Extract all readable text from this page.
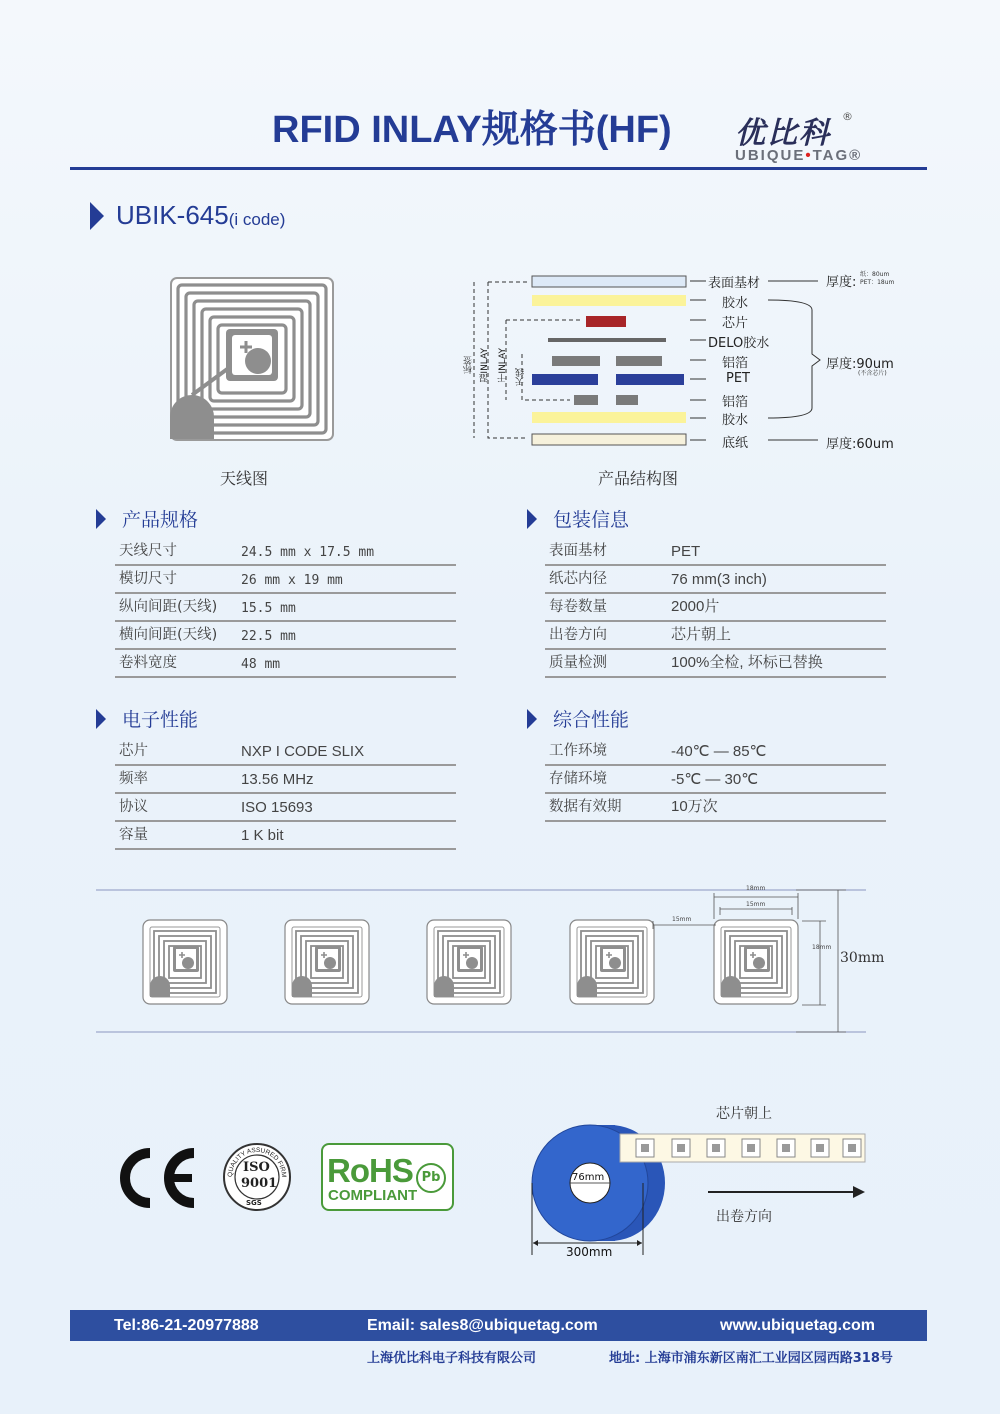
RFID INLAY规格书(HF) 优比科 ®
UBIQUE•TAG®
UBIK-645 (i code)
天线图
表面基材
胶水
芯片
DELO胶水
铝箔
PET
铝箔
胶水
底纸
厚度:
纸：80um
PET：18um
厚度:90um
(不含芯片)
厚度:60um
标签 湿INLAY 干INLAY 天线
产品结构图
产品规格
天线尺寸	24.5 mm x 17.5 mm
模切尺寸	26 mm x 19 mm
纵向间距(天线)	15.5 mm
横向间距(天线)	22.5 mm
卷料宽度	48 mm
包装信息
表面基材	PET
纸芯内径	76 mm(3 inch)
每卷数量	2000片
出卷方向	芯片朝上
质量检测	100%全检, 坏标已替换
电子性能
芯片	NXP I CODE SLIX
频率	13.56 MHz
协议	ISO 15693
容量	1 K bit
综合性能
工作环境	-40℃ — 85℃
存储环境	-5℃ — 30℃
数据有效期	10万次
18mm
15mm
15mm
18mm
30mm
QUALITY ASSURED FIRM
ISO
9001
SGS
RoHS
COMPLIANT
Pb
芯片朝上
出卷方向
76mm
300mm
Tel:86-21-20977888	Email: sales8@ubiquetag.com	www.ubiquetag.com
上海优比科电子科技有限公司	地址: 上海市浦东新区南汇工业园区园西路318号
